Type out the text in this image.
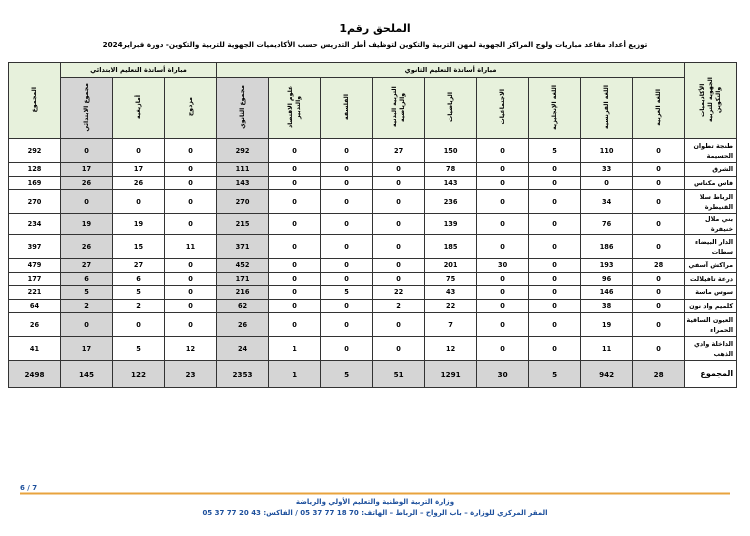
الملحق رقم1
توزيع أعداد مقاعد مباريات ولوج المراكز الجهوية لمهن التربية والتكوين لتوظيف أطر التدريس حسب الأكاديميات الجهوية للتربية والتكوين- دورة فبراير2024
الأكاديميات الجهوية للتربية والتكوين	مباراة أساتذة التعليم الثانوي									مباراة أساتذة التعليم الابتدائي			المجموع
	اللغة العربية	اللغة الفرنسية	اللغة الإنجليزية	الاجتماعيات	الرياضيات	التربية البدنية والرياضية	الفلسفة	علوم الاقتصاد والتدبير	مجموع الثانوي	مزدوج	أمازيغية	مجموع الابتدائي	
طنجة تطوان الحسيمة	0	110	5	0	150	27	0	0	292	0	0	0	292
الشرق	0	33	0	0	78	0	0	0	111	0	17	17	128
فاس مكناس	0	0	0	0	143	0	0	0	143	0	26	26	169
الرباط سلا القنيطرة	0	34	0	0	236	0	0	0	270	0	0	0	270
بني ملال خنيفرة	0	76	0	0	139	0	0	0	215	0	19	19	234
الدار البيضاء سطات	0	186	0	0	185	0	0	0	371	11	15	26	397
مراكش آسفي	28	193	0	30	201	0	0	0	452	0	27	27	479
درعة تافيلالت	0	96	0	0	75	0	0	0	171	0	6	6	177
سوس ماسة	0	146	0	0	43	22	5	0	216	0	5	5	221
كلميم واد نون	0	38	0	0	22	2	0	0	62	0	2	2	64
العيون الساقية الحمراء	0	19	0	0	7	0	0	0	26	0	0	0	26
الداخلة وادي الذهب	0	11	0	0	12	0	0	1	24	12	5	17	41
المجموع	28	942	5	30	1291	51	5	1	2353	23	122	145	2498
6 / 7
وزارة التربية الوطنية والتعليم الأولي والرياضة
المقر المركزي للوزارة – باب الرواح – الرباط – الهاتف: 70 18 77 37 05 / الفاكس: 43 20 77 37 05
